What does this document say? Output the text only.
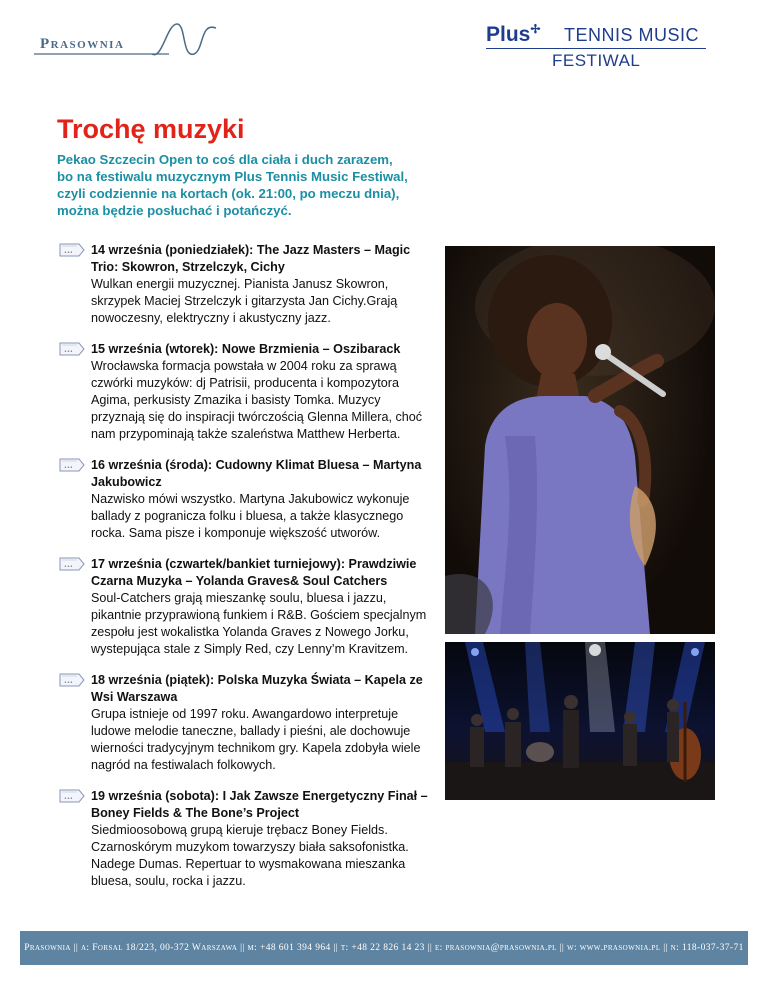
Prasownia	Plus✢ TENNIS MUSIC
FESTIWAL
Trochę muzyki
Pekao Szczecin Open to coś dla ciała i duch zarazem,
bo na festiwalu muzycznym Plus Tennis Music Festiwal,
czyli codziennie na kortach (ok. 21:00, po meczu dnia),
można będzie posłuchać i potańczyć.
••• 14 września (poniedziałek): The Jazz Masters – Magic Trio: Skowron, Strzelczyk, Cichy
Wulkan energii muzycznej. Pianista Janusz Skowron, skrzypek Maciej Strzelczyk i gitarzysta Jan Cichy.Grają nowoczesny, elektryczny i akustyczny jazz.
••• 15 września (wtorek): Nowe Brzmienia – Oszibarack
Wrocławska formacja powstała w 2004 roku za sprawą czwórki muzyków: dj Patrisii, producenta i kompozytora Agima, perkusisty Zmazika i basisty Tomka. Muzycy przyznają się do inspiracji twórczością Glenna Millera, choć nam przypominają także szaleństwa Matthew Herberta.
••• 16 września (środa): Cudowny Klimat Bluesa – Martyna Jakubowicz
Nazwisko mówi wszystko. Martyna Jakubowicz wykonuje ballady z pogranicza folku i bluesa, a także klasycznego rocka. Sama pisze i komponuje większość utworów.
••• 17 września (czwartek/bankiet turniejowy): Prawdziwie Czarna Muzyka – Yolanda Graves& Soul Catchers
Soul-Catchers grają mieszankę soulu, bluesa i jazzu, pikantnie przyprawioną funkiem i R&B. Gościem specjalnym zespołu jest wokalistka Yolanda Graves z Nowego Jorku, wystepująca stale z Simply Red, czy Lenny’m Kravitzem.
••• 18 września (piątek): Polska Muzyka Świata – Kapela ze Wsi Warszawa
Grupa istnieje od 1997 roku. Awangardowo interpretuje ludowe melodie taneczne, ballady i pieśni, ale dochowuje wierności tradycyjnym technikom gry. Kapela zdobyła wiele nagród na festiwalach folkowych.
••• 19 września (sobota): I Jak Zawsze Energetyczny Finał – Boney Fields & The Bone’s Project
Siedmioosobową grupą kieruje trębacz Boney Fields. Czarnoskórym muzykom towarzyszy biała saksofonistka. Nadege Dumas. Repertuar to wysmakowana mieszanka bluesa, soulu, rocka i jazzu.
Prasownia || a: Forsal 18/223, 00-372 Warszawa || m: +48 601 394 964 || t: +48 22 826 14 23 || e: prasownia@prasownia.pl || w: www.prasownia.pl || n: 118-037-37-71
